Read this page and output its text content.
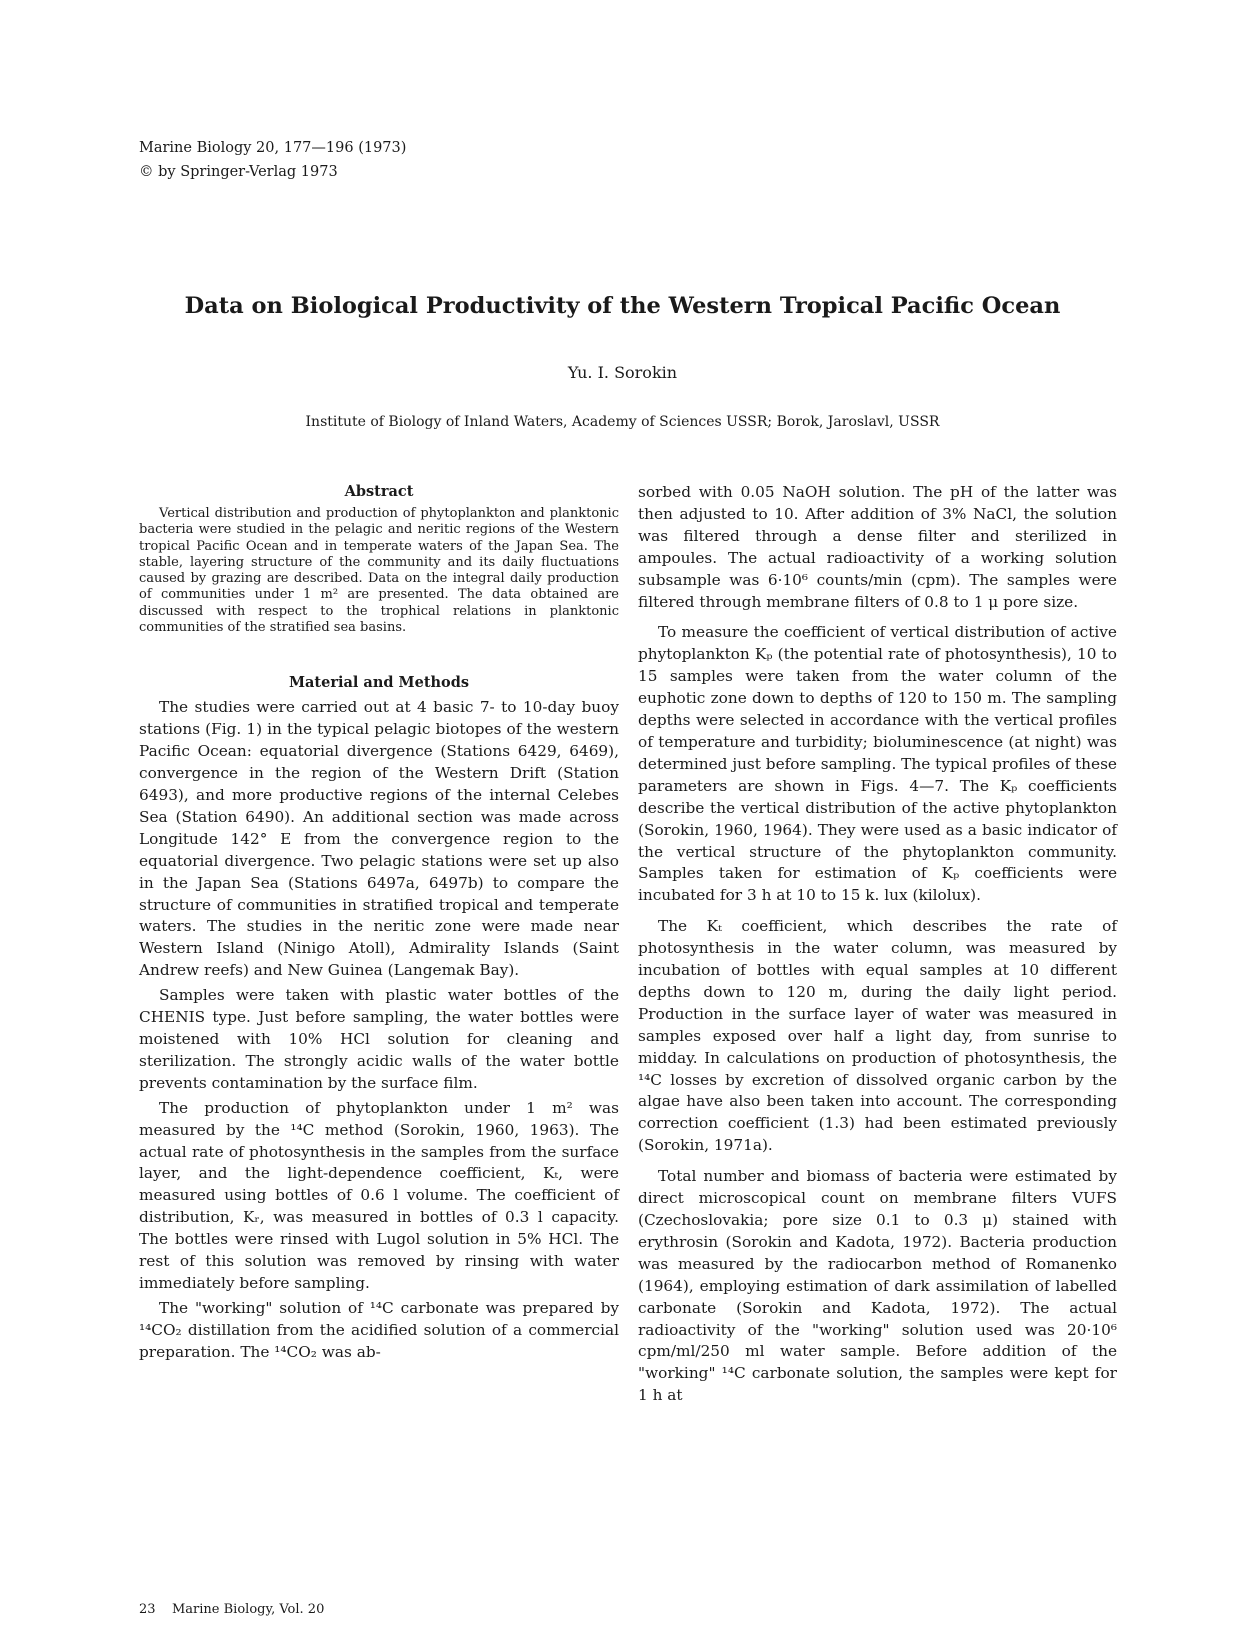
Marine Biology 20, 177—196 (1973)
© by Springer-Verlag 1973
Data on Biological Productivity of the Western Tropical Pacific Ocean
Yu. I. Sorokin
Institute of Biology of Inland Waters, Academy of Sciences USSR; Borok, Jaroslavl, USSR
Abstract

Vertical distribution and production of phytoplankton and planktonic bacteria were studied in the pelagic and neritic regions of the Western tropical Pacific Ocean and in temperate waters of the Japan Sea. The stable, layering structure of the community and its daily fluctuations caused by grazing are described. Data on the integral daily production of communities under 1 m² are presented. The data obtained are discussed with respect to the trophical relations in planktonic communities of the stratified sea basins.

Material and Methods

The studies were carried out at 4 basic 7- to 10-day buoy stations (Fig. 1) in the typical pelagic biotopes of the western Pacific Ocean: equatorial divergence (Stations 6429, 6469), convergence in the region of the Western Drift (Station 6493), and more productive regions of the internal Celebes Sea (Station 6490). An additional section was made across Longitude 142° E from the convergence region to the equatorial divergence. Two pelagic stations were set up also in the Japan Sea (Stations 6497a, 6497b) to compare the structure of communities in stratified tropical and temperate waters. The studies in the neritic zone were made near Western Island (Ninigo Atoll), Admirality Islands (Saint Andrew reefs) and New Guinea (Langemak Bay).

Samples were taken with plastic water bottles of the CHENIS type. Just before sampling, the water bottles were moistened with 10% HCl solution for cleaning and sterilization. The strongly acidic walls of the water bottle prevents contamination by the surface film.

The production of phytoplankton under 1 m² was measured by the ¹⁴C method (Sorokin, 1960, 1963). The actual rate of photosynthesis in the samples from the surface layer, and the light-dependence coefficient, Kₜ, were measured using bottles of 0.6 l volume. The coefficient of distribution, Kᵣ, was measured in bottles of 0.3 l capacity. The bottles were rinsed with Lugol solution in 5% HCl. The rest of this solution was removed by rinsing with water immediately before sampling.

The "working" solution of ¹⁴C carbonate was prepared by ¹⁴CO₂ distillation from the acidified solution of a commercial preparation. The ¹⁴CO₂ was ab-

sorbed with 0.05 NaOH solution. The pH of the latter was then adjusted to 10. After addition of 3% NaCl, the solution was filtered through a dense filter and sterilized in ampoules. The actual radioactivity of a working solution subsample was 6·10⁶ counts/min (cpm). The samples were filtered through membrane filters of 0.8 to 1 μ pore size.

To measure the coefficient of vertical distribution of active phytoplankton Kₚ (the potential rate of photosynthesis), 10 to 15 samples were taken from the water column of the euphotic zone down to depths of 120 to 150 m. The sampling depths were selected in accordance with the vertical profiles of temperature and turbidity; bioluminescence (at night) was determined just before sampling. The typical profiles of these parameters are shown in Figs. 4—7. The Kₚ coefficients describe the vertical distribution of the active phytoplankton (Sorokin, 1960, 1964). They were used as a basic indicator of the vertical structure of the phytoplankton community. Samples taken for estimation of Kₚ coefficients were incubated for 3 h at 10 to 15 k. lux (kilolux).

The Kₜ coefficient, which describes the rate of photosynthesis in the water column, was measured by incubation of bottles with equal samples at 10 different depths down to 120 m, during the daily light period. Production in the surface layer of water was measured in samples exposed over half a light day, from sunrise to midday. In calculations on production of photosynthesis, the ¹⁴C losses by excretion of dissolved organic carbon by the algae have also been taken into account. The corresponding correction coefficient (1.3) had been estimated previously (Sorokin, 1971a).

Total number and biomass of bacteria were estimated by direct microscopical count on membrane filters VUFS (Czechoslovakia; pore size 0.1 to 0.3 μ) stained with erythrosin (Sorokin and Kadota, 1972). Bacteria production was measured by the radiocarbon method of Romanenko (1964), employing estimation of dark assimilation of labelled carbonate (Sorokin and Kadota, 1972). The actual radioactivity of the "working" solution used was 20·10⁶ cpm/ml/250 ml water sample. Before addition of the "working" ¹⁴C carbonate solution, the samples were kept for 1 h at

23 Marine Biology, Vol. 20
